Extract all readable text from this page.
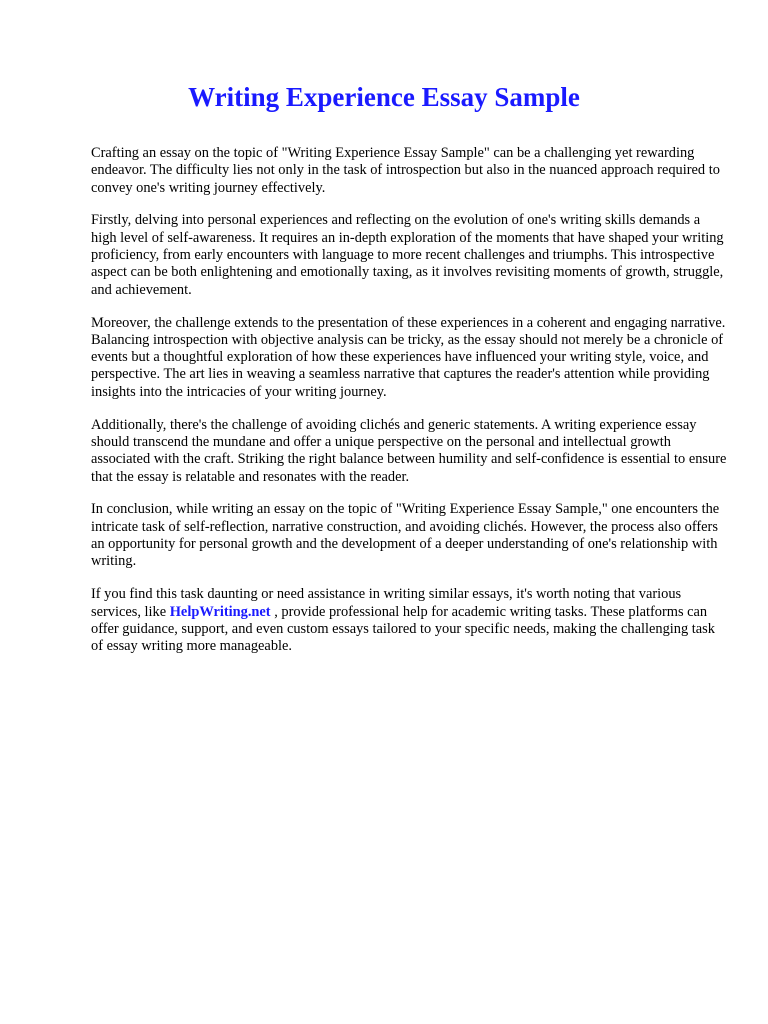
Writing Experience Essay Sample

Crafting an essay on the topic of "Writing Experience Essay Sample" can be a challenging yet rewarding endeavor. The difficulty lies not only in the task of introspection but also in the nuanced approach required to convey one's writing journey effectively.

Firstly, delving into personal experiences and reflecting on the evolution of one's writing skills demands a high level of self-awareness. It requires an in-depth exploration of the moments that have shaped your writing proficiency, from early encounters with language to more recent challenges and triumphs. This introspective aspect can be both enlightening and emotionally taxing, as it involves revisiting moments of growth, struggle, and achievement.

Moreover, the challenge extends to the presentation of these experiences in a coherent and engaging narrative. Balancing introspection with objective analysis can be tricky, as the essay should not merely be a chronicle of events but a thoughtful exploration of how these experiences have influenced your writing style, voice, and perspective. The art lies in weaving a seamless narrative that captures the reader's attention while providing insights into the intricacies of your writing journey.

Additionally, there's the challenge of avoiding clichés and generic statements. A writing experience essay should transcend the mundane and offer a unique perspective on the personal and intellectual growth associated with the craft. Striking the right balance between humility and self-confidence is essential to ensure that the essay is relatable and resonates with the reader.

In conclusion, while writing an essay on the topic of "Writing Experience Essay Sample," one encounters the intricate task of self-reflection, narrative construction, and avoiding clichés. However, the process also offers an opportunity for personal growth and the development of a deeper understanding of one's relationship with writing.

If you find this task daunting or need assistance in writing similar essays, it's worth noting that various services, like HelpWriting.net , provide professional help for academic writing tasks. These platforms can offer guidance, support, and even custom essays tailored to your specific needs, making the challenging task of essay writing more manageable.
